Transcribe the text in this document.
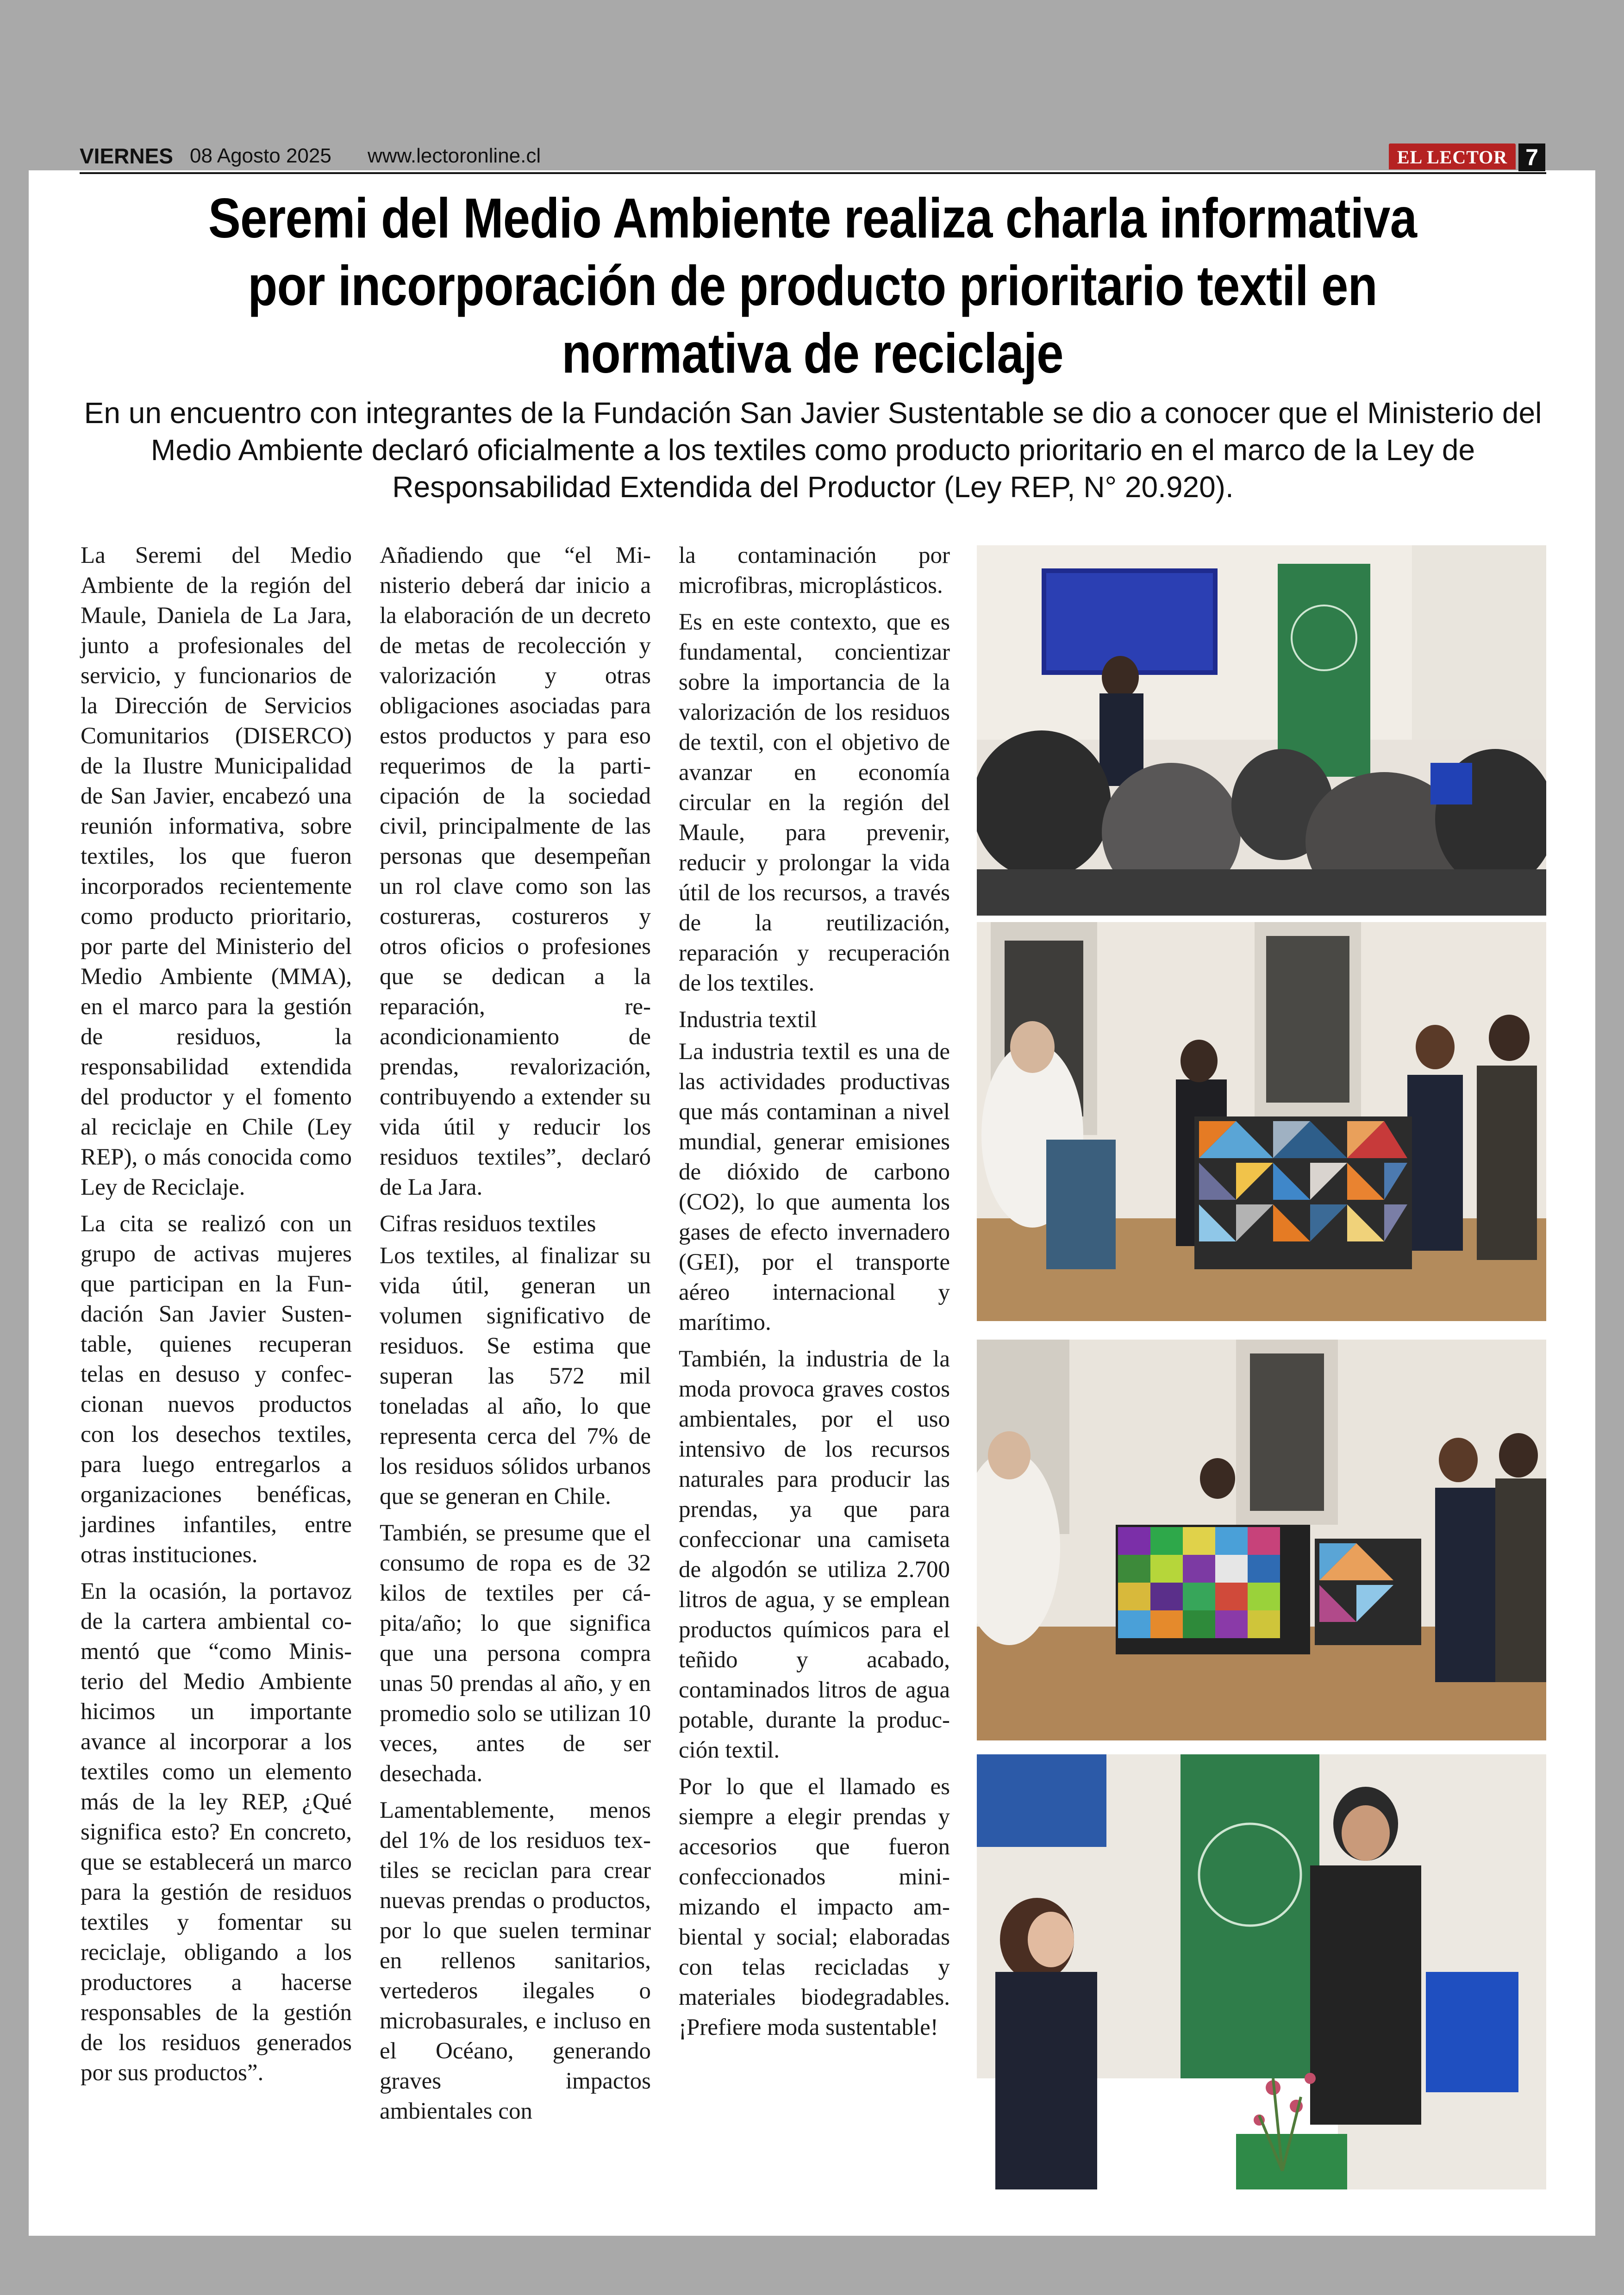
VIERNES 08 Agosto 2025 www.lectoronline.cl	EL LECTOR 7
Seremi del Medio Ambiente realiza charla informativa por incorporación de producto prioritario textil en normativa de reciclaje

En un encuentro con integrantes de la Fundación San Javier Sustentable se dio a conocer que el Ministerio del Medio Ambiente declaró oficialmente a los textiles como producto prioritario en el marco de la Ley de Responsabilidad Extendida del Productor (Ley REP, N° 20.920).

La Seremi del Medio Ambiente de la región del Maule, Daniela de La Jara, junto a profesionales del servicio, y funcionarios de la Dirección de Servicios Comunitarios (DISERCO) de la Ilustre Municipalidad de San Javier, encabezó una reunión informativa, sobre textiles, los que fueron incorporados recientemente como producto prioritario, por parte del Ministerio del Medio Ambiente (MMA), en el marco para la gestión de residuos, la responsabilidad extendida del productor y el fomento al reciclaje en Chile (Ley REP), o más conocida como Ley de Reciclaje.

La cita se realizó con un grupo de activas mujeres que participan en la Fundación San Javier Sustentable, quienes recuperan telas en desuso y confeccionan nuevos productos con los desechos textiles, para luego entregarlos a organizaciones benéficas, jardines infantiles, entre otras instituciones.

En la ocasión, la portavoz de la cartera ambiental comentó que “como Ministerio del Medio Ambiente hicimos un importante avance al incorporar a los textiles como un elemento más de la ley REP, ¿Qué significa esto? En concreto, que se establecerá un marco para la gestión de residuos textiles y fomentar su reciclaje, obligando a los productores a hacerse responsables de la gestión de los residuos generados por sus productos”.

Añadiendo que “el Ministerio deberá dar inicio a la elaboración de un decreto de metas de recolección y valorización y otras obligaciones asociadas para estos productos y para eso requerimos de la participación de la sociedad civil, principalmente de las personas que desempeñan un rol clave como son las costureras, costureros y otros oficios o profesiones que se dedican a la reparación, reacondicionamiento de prendas, revalorización, contribuyendo a extender su vida útil y reducir los residuos textiles”, declaró de La Jara.

Cifras residuos textiles

Los textiles, al finalizar su vida útil, generan un volumen significativo de residuos. Se estima que superan las 572 mil toneladas al año, lo que representa cerca del 7% de los residuos sólidos urbanos que se generan en Chile.

También, se presume que el consumo de ropa es de 32 kilos de textiles per cápita/año; lo que significa que una persona compra unas 50 prendas al año, y en promedio solo se utilizan 10 veces, antes de ser desechada.

Lamentablemente, menos del 1% de los residuos textiles se reciclan para crear nuevas prendas o productos, por lo que suelen terminar en rellenos sanitarios, vertederos ilegales o microbasurales, e incluso en el Océano, generando graves impactos ambientales con

la contaminación por microfibras, microplásticos.

Es en este contexto, que es fundamental, concientizar sobre la importancia de la valorización de los residuos de textil, con el objetivo de avanzar en economía circular en la región del Maule, para prevenir, reducir y prolongar la vida útil de los recursos, a través de la reutilización, reparación y recuperación de los textiles.

Industria textil

La industria textil es una de las actividades productivas que más contaminan a nivel mundial, generar emisiones de dióxido de carbono (CO2), lo que aumenta los gases de efecto invernadero (GEI), por el transporte aéreo internacional y marítimo.

También, la industria de la moda provoca graves costos ambientales, por el uso intensivo de los recursos naturales para producir las prendas, ya que para confeccionar una camiseta de algodón se utiliza 2.700 litros de agua, y se emplean productos químicos para el teñido y acabado, contaminados litros de agua potable, durante la producción textil.

Por lo que el llamado es siempre a elegir prendas y accesorios que fueron confeccionados minimizando el impacto ambiental y social; elaboradas con telas recicladas y materiales biodegradables. ¡Prefiere moda sustentable!
